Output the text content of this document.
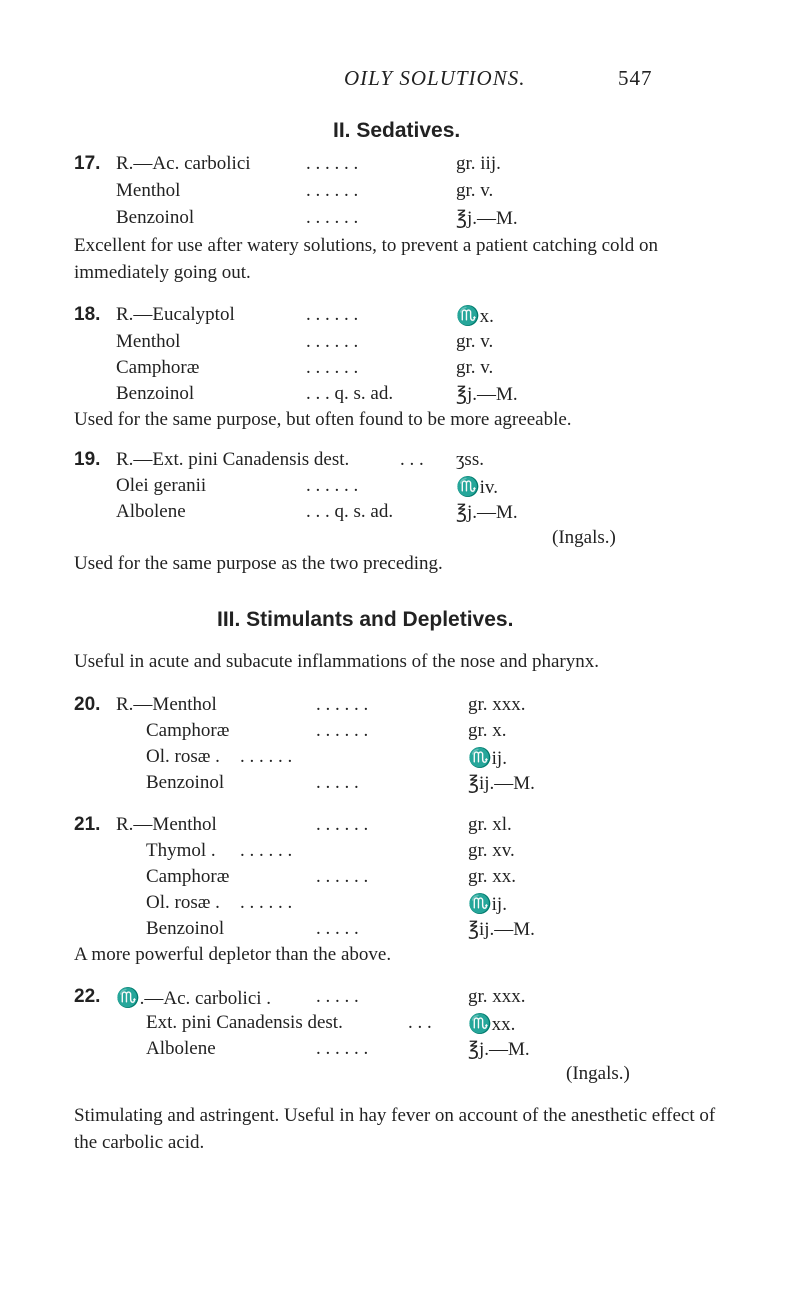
OILY SOLUTIONS.	547
II. Sedatives.
17. R.—Ac. carbolici	. . . . . .	gr. iij.
Menthol	. . . . . .	gr. v.
Benzoinol	. . . . . .	℥j.—M.
Excellent for use after watery solutions, to prevent a patient catching cold on immediately going out.
18. R.—Eucalyptol	. . . . . .	♏x.
Menthol	. . . . . .	gr. v.
Camphoræ	. . . . . .	gr. v.
Benzoinol	. . . q. s. ad.	℥j.—M.
Used for the same purpose, but often found to be more agreeable.
19. R.—Ext. pini Canadensis dest.	. . . ʒss.
Olei geranii	. . . . . .	♏iv.
Albolene	. . . q. s. ad.	℥j.—M.
(Ingals.)
Used for the same purpose as the two preceding.
III. Stimulants and Depletives.
Useful in acute and subacute inflammations of the nose and pharynx.
20. R.—Menthol	. . . . . .	gr. xxx.
Camphoræ	. . . . . .	gr. x.
Ol. rosæ . . . . . . .	♏ij.
Benzoinol	. . . . .	℥ij.—M.
21. R.—Menthol	. . . . . .	gr. xl.
Thymol . . . . . . .	gr. xv.
Camphoræ	. . . . . .	gr. xx.
Ol. rosæ . . . . . . .	♏ij.
Benzoinol	. . . . .	℥ij.—M.
A more powerful depletor than the above.
22. ♏.—Ac. carbolici . . . . . .	gr. xxx.
Ext. pini Canadensis dest.	. . . ♏xx.
Albolene	. . . . . .	℥j.—M.
(Ingals.)
Stimulating and astringent. Useful in hay fever on account of the anesthetic effect of the carbolic acid.
